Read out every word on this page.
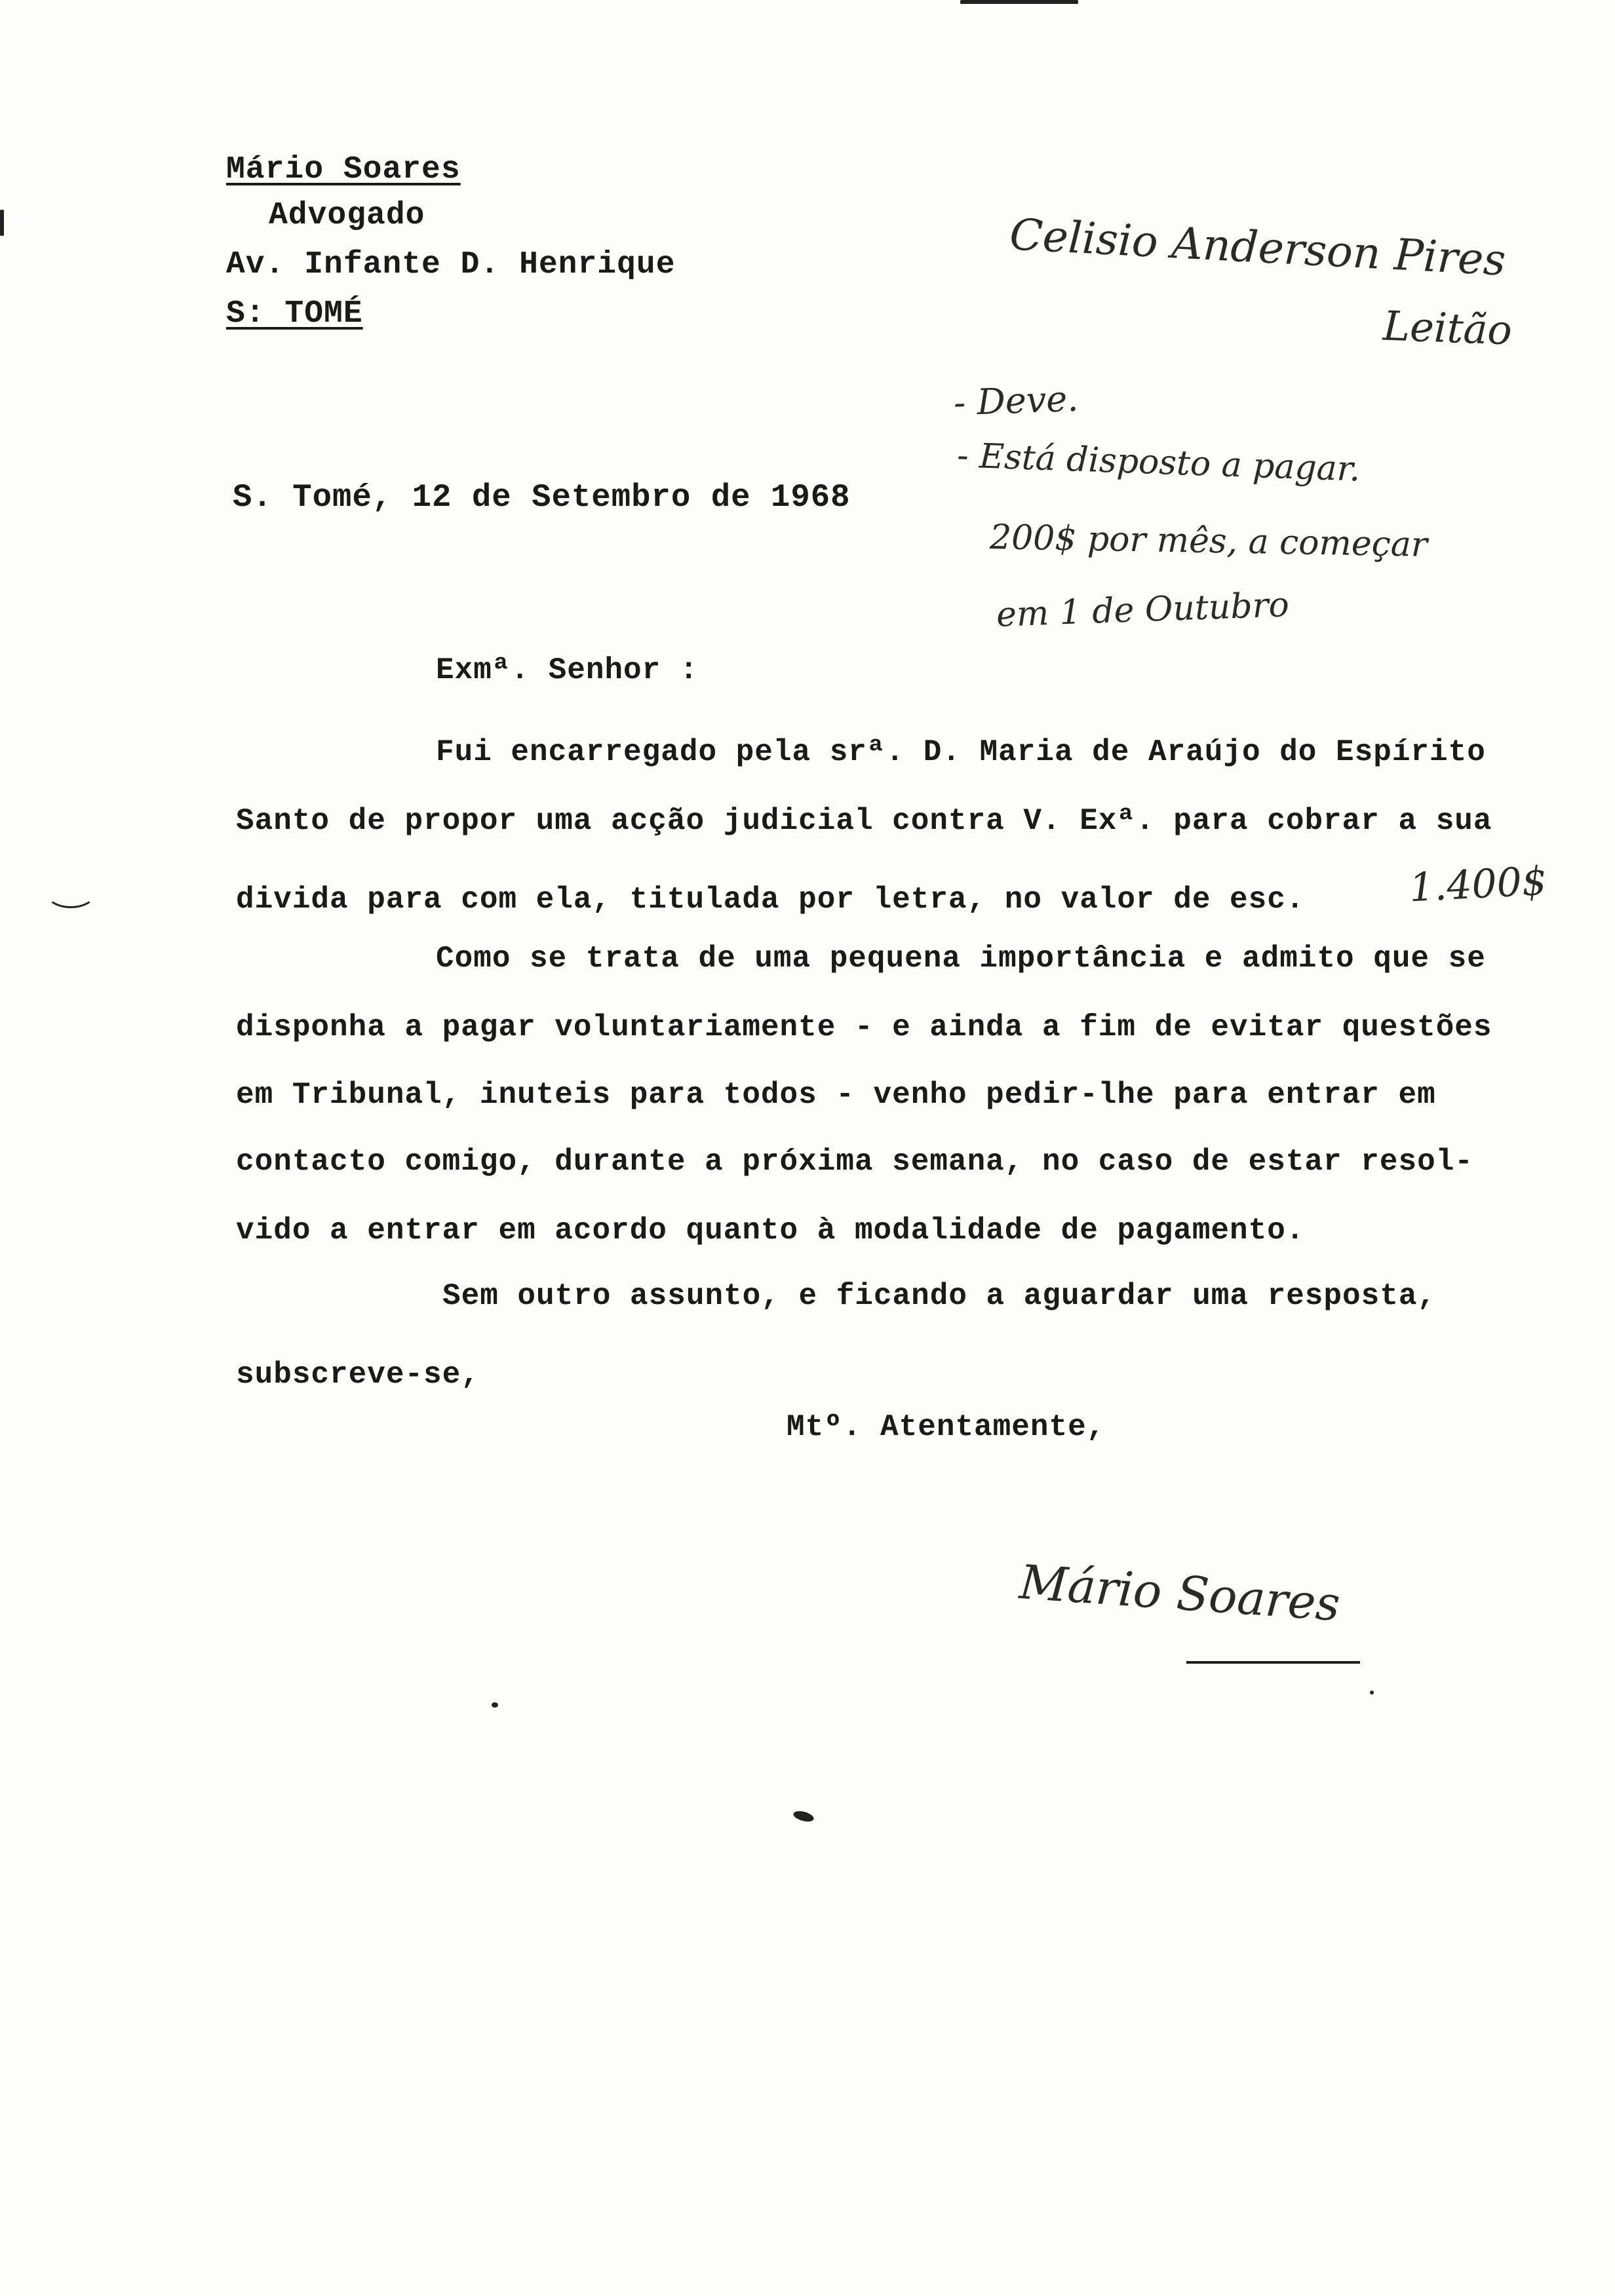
Mário Soares
Advogado
Av. Infante D. Henrique
S: TOMÉ
Celisio Anderson Pires
Leitão
- Deve.
- Está disposto a pagar.
200$ por mês, a começar
em 1 de Outubro
S. Tomé, 12 de Setembro de 1968
Exmª. Senhor :
Fui encarregado pela srª. D. Maria de Araújo do Espírito
Santo de propor uma acção judicial contra V. Exª. para cobrar a sua
divida para com ela, titulada por letra, no valor de esc.	1.400$
Como se trata de uma pequena importância e admito que se
disponha a pagar voluntariamente - e ainda a fim de evitar questões
em Tribunal, inuteis para todos - venho pedir-lhe para entrar em
contacto comigo, durante a próxima semana, no caso de estar resol-
vido a entrar em acordo quanto à modalidade de pagamento.
Sem outro assunto, e ficando a aguardar uma resposta,
subscreve-se,
Mtº. Atentamente,
Mário Soares
